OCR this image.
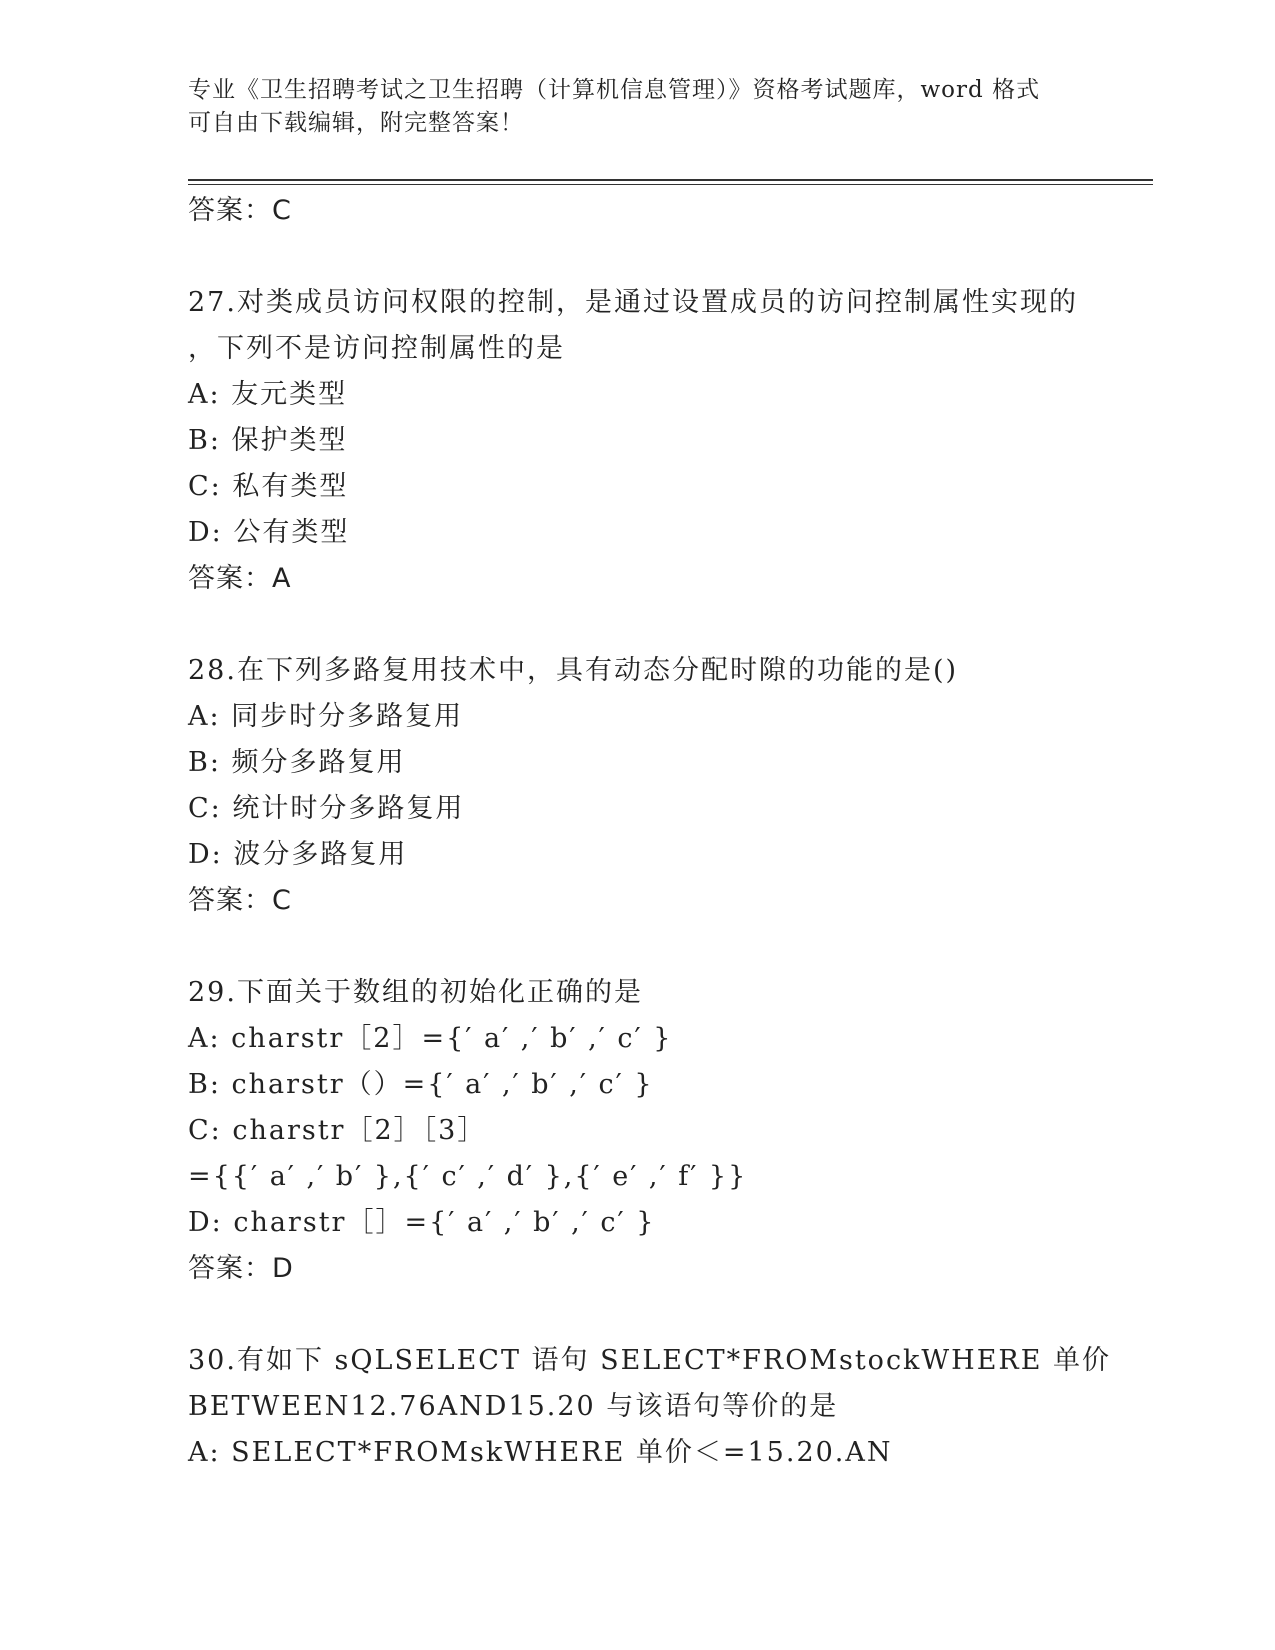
专业《卫生招聘考试之卫生招聘（计算机信息管理）》资格考试题库，word 格式
可自由下载编辑，附完整答案！
答案：C
27.对类成员访问权限的控制，是通过设置成员的访问控制属性实现的
，下列不是访问控制属性的是
A: 友元类型
B: 保护类型
C: 私有类型
D: 公有类型
答案：A
28.在下列多路复用技术中，具有动态分配时隙的功能的是()
A: 同步时分多路复用
B: 频分多路复用
C: 统计时分多路复用
D: 波分多路复用
答案：C
29.下面关于数组的初始化正确的是
A: charstr［2］={′ a′ ,′ b′ ,′ c′ }
B: charstr（）={′ a′ ,′ b′ ,′ c′ }
C: charstr［2］［3］
={{′ a′ ,′ b′ },{′ c′ ,′ d′ },{′ e′ ,′ f′ }}
D: charstr［］={′ a′ ,′ b′ ,′ c′ }
答案：D
30.有如下 sQLSELECT 语句 SELECT*FROMstockWHERE 单价
BETWEEN12.76AND15.20 与该语句等价的是
A: SELECT*FROMskWHERE 单价＜=15.20.AN
